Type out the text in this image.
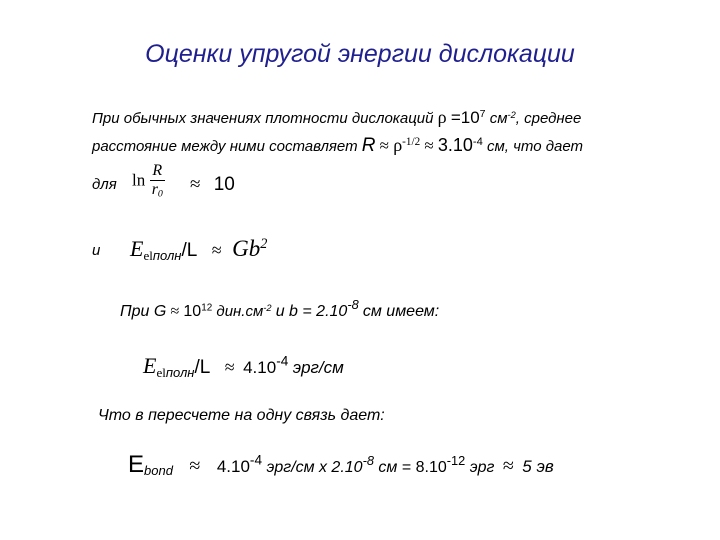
Оценки упругой энергии дислокации
При обычных значениях плотности дислокаций $\rho =10^7$ $см^{-2}$, среднее
расстояние между ними составляет $R \approx \rho^{-1/2} \approx 3.10^{-4}$ см, что дает
для $\ln \frac{R}{r_0} \approx 10$
и $E_{elполн}/L \approx Gb^2$
При $G \approx 10^{12}$ $дин.см^{-2}$ и $b = 2.10^{-8}$ см имеем:
$E_{elполн}/L \approx 4.10^{-4}$ эрг/см
Что в пересчете на одну связь дает:
Ebond ≈ $4.10^{-4}$ эрг/см х $2.10^{-8}$ см = $8.10^{-12}$ эрг ≈ 5 эв
